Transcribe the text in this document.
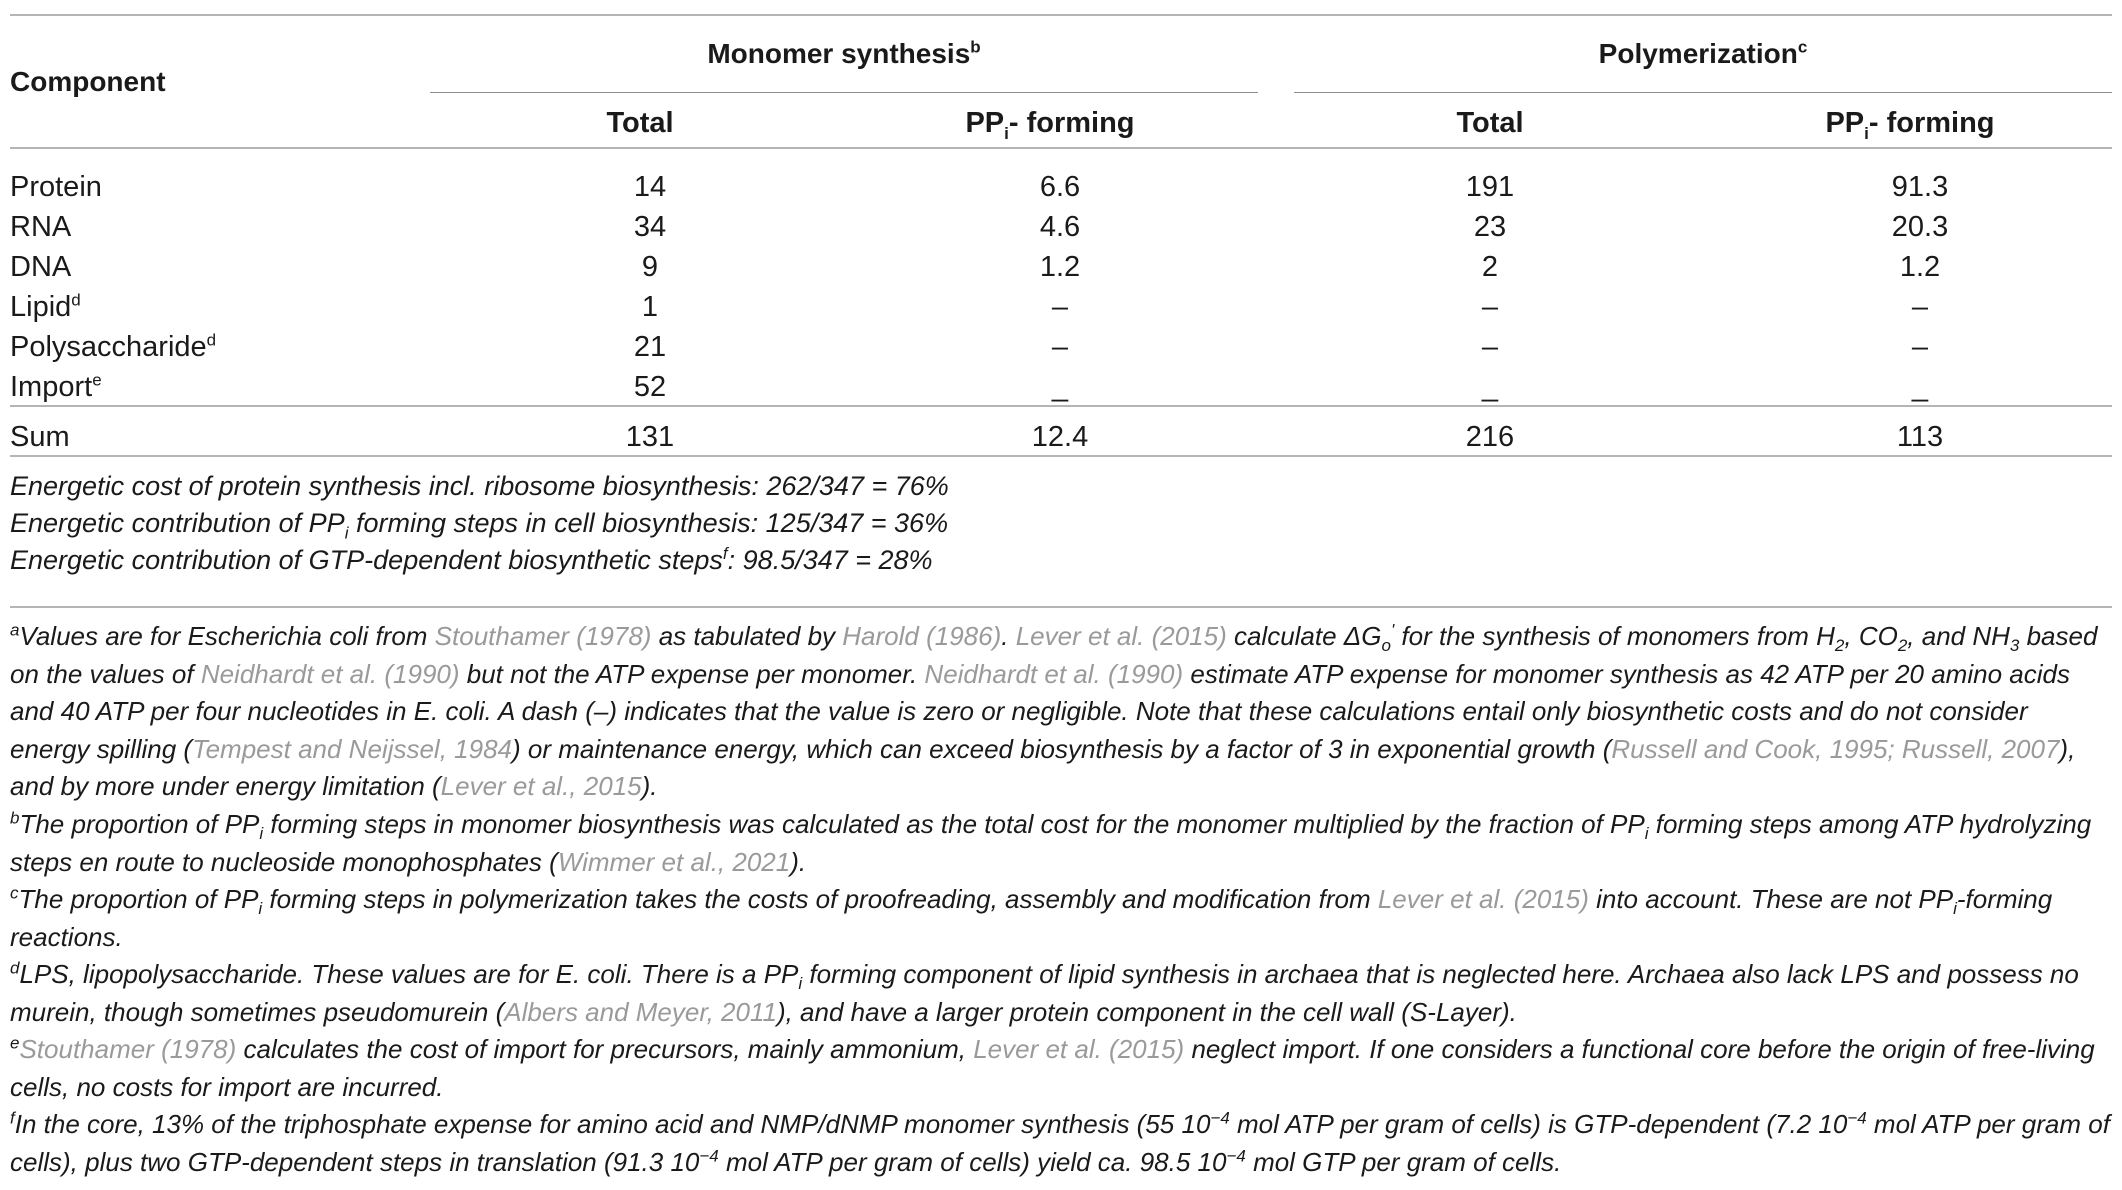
Component
Monomer synthesis$^b$	Polymerization$^c$
Total	$PP_i-$ forming	Total	$PP_i-$ forming
Protein	14	6.6	191	91.3
RNA	34	4.6	23	20.3
DNA	9	1.2	2	1.2
Lipid$^d$	1	–	–	–
Polysaccharide$^d$	21	–	–	–
Import$^e$	52	_	_	_
Sum	131	12.4	216	113
Energetic cost of protein synthesis incl. ribosome biosynthesis: 262/347 = 76%
Energetic contribution of $PP_i$ forming steps in cell biosynthesis: 125/347 = 36%
Energetic contribution of GTP-dependent biosynthetic steps$^f$: 98.5/347 = 28%
$^a$Values are for Escherichia coli from Stouthamer (1978) as tabulated by Harold (1986). Lever et al. (2015) calculate $\Delta G_o'$ for the synthesis of monomers from $H_2$, $CO_2$, and $NH_3$ based on the values of Neidhardt et al. (1990) but not the ATP expense per monomer. Neidhardt et al. (1990) estimate ATP expense for monomer synthesis as 42 ATP per 20 amino acids and 40 ATP per four nucleotides in E. coli. A dash (–) indicates that the value is zero or negligible. Note that these calculations entail only biosynthetic costs and do not consider energy spilling (Tempest and Neijssel, 1984) or maintenance energy, which can exceed biosynthesis by a factor of 3 in exponential growth (Russell and Cook, 1995; Russell, 2007), and by more under energy limitation (Lever et al., 2015).
$^b$The proportion of $PP_i$ forming steps in monomer biosynthesis was calculated as the total cost for the monomer multiplied by the fraction of $PP_i$ forming steps among ATP hydrolyzing steps en route to nucleoside monophosphates (Wimmer et al., 2021).
$^c$The proportion of $PP_i$ forming steps in polymerization takes the costs of proofreading, assembly and modification from Lever et al. (2015) into account. These are not $PP_i$-forming reactions.
$^d$LPS, lipopolysaccharide. These values are for E. coli. There is a $PP_i$ forming component of lipid synthesis in archaea that is neglected here. Archaea also lack LPS and possess no murein, though sometimes pseudomurein (Albers and Meyer, 2011), and have a larger protein component in the cell wall (S-Layer).
$^e$Stouthamer (1978) calculates the cost of import for precursors, mainly ammonium, Lever et al. (2015) neglect import. If one considers a functional core before the origin of free-living cells, no costs for import are incurred.
$^f$In the core, 13% of the triphosphate expense for amino acid and NMP/dNMP monomer synthesis (55 $10^{-4}$ mol ATP per gram of cells) is GTP-dependent (7.2 $10^{-4}$ mol ATP per gram of cells), plus two GTP-dependent steps in translation (91.3 $10^{-4}$ mol ATP per gram of cells) yield ca. 98.5 $10^{-4}$ mol GTP per gram of cells.
